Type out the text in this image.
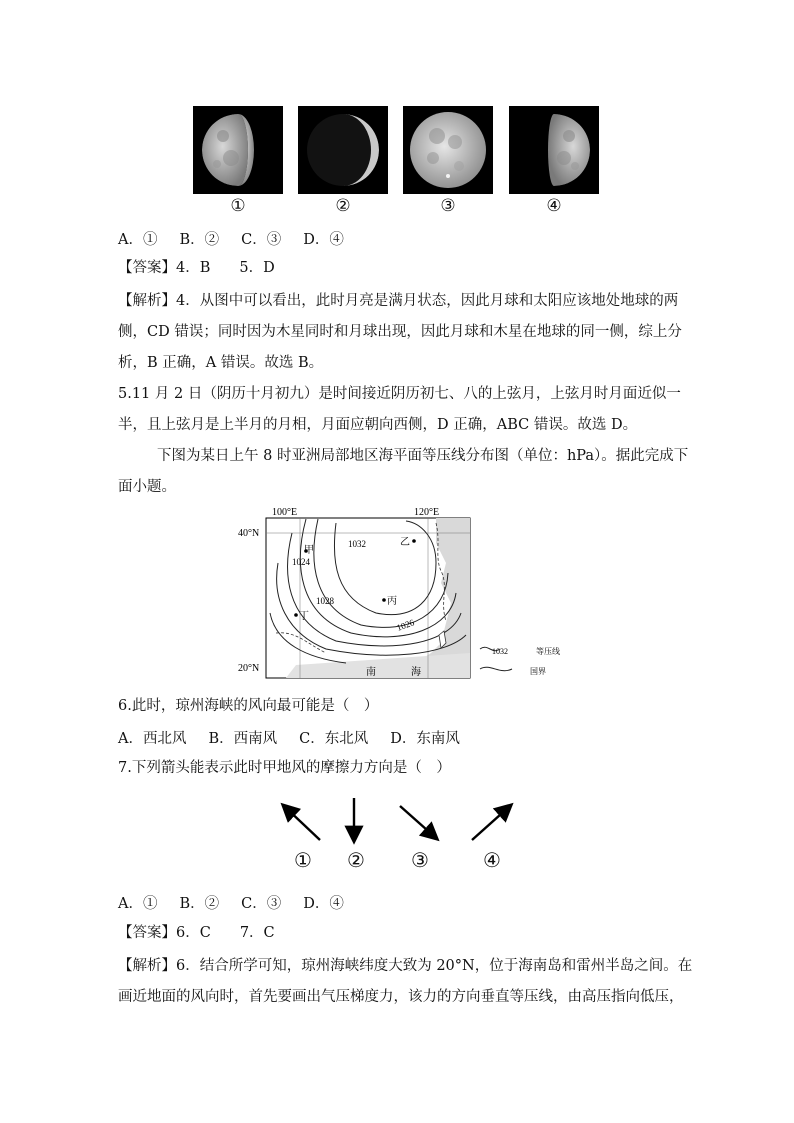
①	②	③	④
A．① B．② C．③ D．④
【答案】4．B　　5．D
【解析】4．从图中可以看出，此时月亮是满月状态，因此月球和太阳应该地处地球的两
侧，CD 错误；同时因为木星同时和月球出现，因此月球和木星在地球的同一侧，综上分
析，B 正确，A 错误。故选 B。
5.11 月 2 日（阴历十月初九）是时间接近阴历初七、八的上弦月，上弦月时月面近似一
半，且上弦月是上半月的月相，月面应朝向西侧，D 正确，ABC 错误。故选 D。
下图为某日上午 8 时亚洲局部地区海平面等压线分布图（单位：hPa）。据此完成下
面小题。
100°E	120°E
40°N
20°N
1032
1024
1028
1026
甲
乙
丙
丁
南	海
1032	等压线
国界
6.此时，琼州海峡的风向最可能是（　）
A．西北风 B．西南风 C．东北风 D．东南风
7.下列箭头能表示此时甲地风的摩擦力方向是（　）
①	②	③	④
A．① B．② C．③ D．④
【答案】6．C　　7．C
【解析】6．结合所学可知，琼州海峡纬度大致为 20°N，位于海南岛和雷州半岛之间。在
画近地面的风向时，首先要画出气压梯度力，该力的方向垂直等压线，由高压指向低压，
